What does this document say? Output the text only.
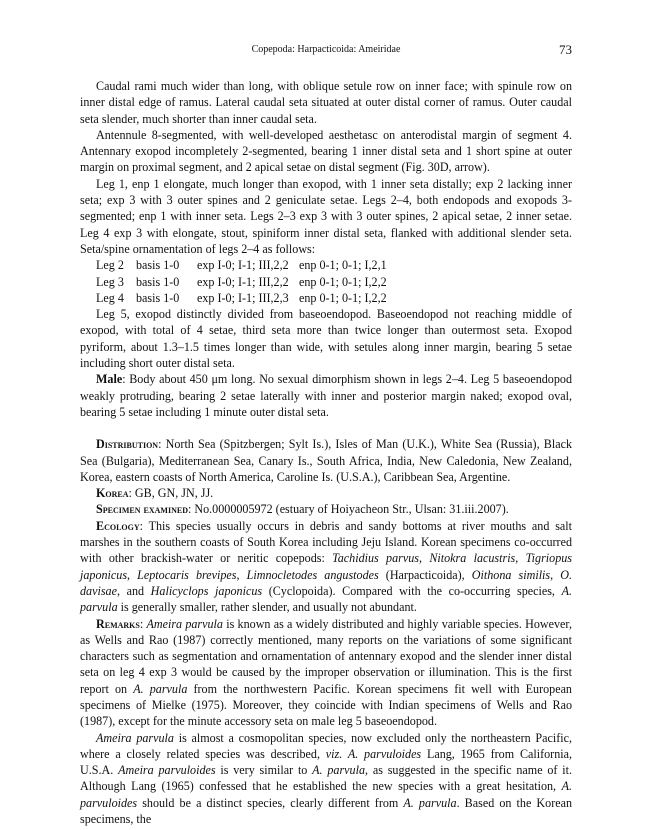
Copepoda: Harpacticoida: Ameiridae	73

Caudal rami much wider than long, with oblique setule row on inner face; with spinule row on inner distal edge of ramus. Lateral caudal seta situated at outer distal corner of ramus. Outer caudal seta slender, much shorter than inner caudal seta.

Antennule 8-segmented, with well-developed aesthetasc on anterodistal margin of segment 4. Antennary exopod incompletely 2-segmented, bearing 1 inner distal seta and 1 short spine at outer margin on proximal segment, and 2 apical setae on distal segment (Fig. 30D, arrow).

Leg 1, enp 1 elongate, much longer than exopod, with 1 inner seta distally; exp 2 lacking inner seta; exp 3 with 3 outer spines and 2 geniculate setae. Legs 2–4, both endopods and exopods 3-segmented; enp 1 with inner seta. Legs 2–3 exp 3 with 3 outer spines, 2 apical setae, 2 inner setae. Leg 4 exp 3 with elongate, stout, spiniform inner distal seta, flanked with additional slender seta. Seta/spine ornamentation of legs 2–4 as follows:

Leg 2	basis 1-0	exp I-0; I-1; III,2,2 enp 0-1; 0-1; I,2,1
Leg 3	basis 1-0	exp I-0; I-1; III,2,2 enp 0-1; 0-1; I,2,2
Leg 4	basis 1-0	exp I-0; I-1; III,2,3 enp 0-1; 0-1; I,2,2

Leg 5, exopod distinctly divided from baseoendopod. Baseoendopod not reaching middle of exopod, with total of 4 setae, third seta more than twice longer than outermost seta. Exopod pyriform, about 1.3–1.5 times longer than wide, with setules along inner margin, bearing 5 setae including short outer distal seta.

Male: Body about 450 μm long. No sexual dimorphism shown in legs 2–4. Leg 5 baseoendopod weakly protruding, bearing 2 setae laterally with inner and posterior margin naked; exopod oval, bearing 5 setae including 1 minute outer distal seta.

Distribution: North Sea (Spitzbergen; Sylt Is.), Isles of Man (U.K.), White Sea (Russia), Black Sea (Bulgaria), Mediterranean Sea, Canary Is., South Africa, India, New Caledonia, New Zealand, Korea, eastern coasts of North America, Caroline Is. (U.S.A.), Caribbean Sea, Argentine.

Korea: GB, GN, JN, JJ.

Specimen examined: No.0000005972 (estuary of Hoiyacheon Str., Ulsan: 31.iii.2007).

Ecology: This species usually occurs in debris and sandy bottoms at river mouths and salt marshes in the southern coasts of South Korea including Jeju Island. Korean specimens co-occurred with other brackish-water or neritic copepods: Tachidius parvus, Nitokra lacustris, Tigriopus japonicus, Leptocaris brevipes, Limnocletodes angustodes (Harpacticoida), Oithona similis, O. davisae, and Halicyclops japonicus (Cyclopoida). Compared with the co-occurring species, A. parvula is generally smaller, rather slender, and usually not abundant.

Remarks: Ameira parvula is known as a widely distributed and highly variable species. However, as Wells and Rao (1987) correctly mentioned, many reports on the variations of some significant characters such as segmentation and ornamentation of antennary exopod and the slender inner distal seta on leg 4 exp 3 would be caused by the improper observation or illumination. This is the first report on A. parvula from the northwestern Pacific. Korean specimens fit well with European specimens of Mielke (1975). Moreover, they coincide with Indian specimens of Wells and Rao (1987), except for the minute accessory seta on male leg 5 baseoendopod.

Ameira parvula is almost a cosmopolitan species, now excluded only the northeastern Pacific, where a closely related species was described, viz. A. parvuloides Lang, 1965 from California, U.S.A. Ameira parvuloides is very similar to A. parvula, as suggested in the specific name of it. Although Lang (1965) confessed that he established the new species with a great hesitation, A. parvuloides should be a distinct species, clearly different from A. parvula. Based on the Korean specimens, the
